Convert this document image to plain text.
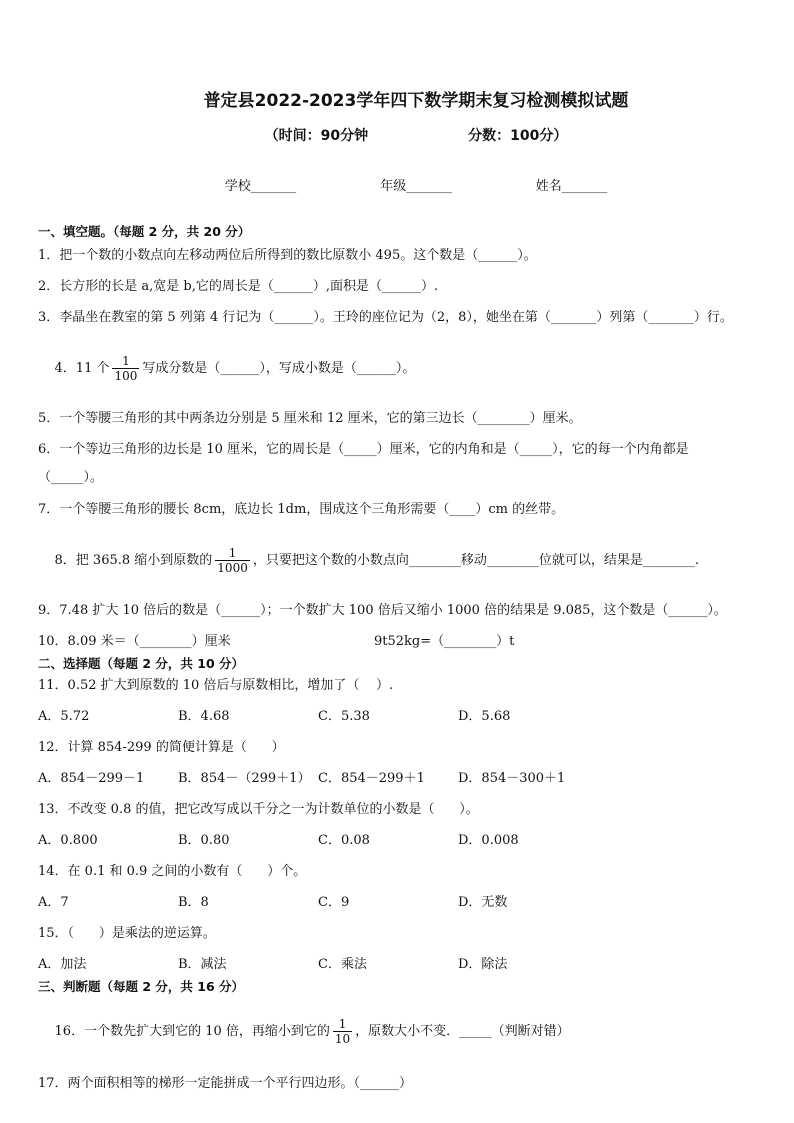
普定县2022-2023学年四下数学期末复习检测模拟试题
（时间：90分钟	分数：100分）
学校_______	年级_______	姓名_______
一、填空题。（每题 2 分，共 20 分）
1．把一个数的小数点向左移动两位后所得到的数比原数小 495。这个数是（______）。
2．长方形的长是 a,宽是 b,它的周长是（______）,面积是（______）.
3．李晶坐在教室的第 5 列第 4 行记为（______）。王玲的座位记为（2，8），她坐在第（_______）列第（_______）行。

4．11 个 $\frac{1}{100}$ 写成分数是（______），写成小数是（______）。

5．一个等腰三角形的其中两条边分别是 5 厘米和 12 厘米，它的第三边长（________）厘米。
6．一个等边三角形的边长是 10 厘米，它的周长是（_____）厘米，它的内角和是（_____），它的每一个内角都是
（_____）。
7．一个等腰三角形的腰长 8cm，底边长 1dm，围成这个三角形需要（____）cm 的丝带。

8．把 365.8 缩小到原数的 $\frac{1}{1000}$ ，只要把这个数的小数点向________移动________位就可以，结果是________.

9．7.48 扩大 10 倍后的数是（______）；一个数扩大 100 倍后又缩小 1000 倍的结果是 9.085，这个数是（______）。
10．8.09 米＝（________）厘米	9t52kg=（________）t
二、选择题（每题 2 分，共 10 分）
11．0.52 扩大到原数的 10 倍后与原数相比，增加了（    ）.
A．5.72	B．4.68	C．5.38	D．5.68
12．计算 854-299 的简便计算是（      ）
A．854－299－1	B．854－（299＋1） C．854－299＋1	D．854－300＋1
13．不改变 0.8 的值，把它改写成以千分之一为计数单位的小数是（      ）。
A．0.800	B．0.80	C．0.08	D．0.008
14．在 0.1 和 0.9 之间的小数有（      ）个。
A．7	B．8	C．9	D．无数
15．（      ）是乘法的逆运算。
A．加法	B．减法	C．乘法	D．除法
三、判断题（每题 2 分，共 16 分）

16．一个数先扩大到它的 10 倍，再缩小到它的 $\frac{1}{10}$ ，原数大小不变．_____（判断对错）

17．两个面积相等的梯形一定能拼成一个平行四边形。（______）
